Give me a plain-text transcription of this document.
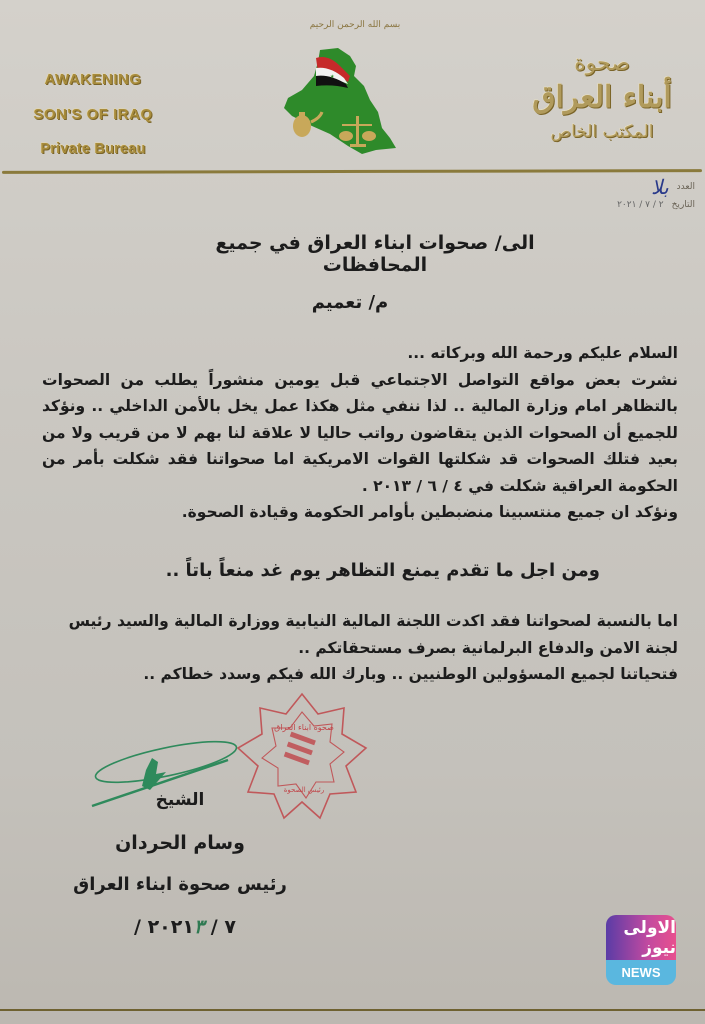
بسم الله الرحمن الرحيم
AWAKENING
SON'S OF IRAQ
Private Bureau
★
صحوة
أبناء العراق
المكتب الخاص
العدد
بلا
التاريخ
٢ / ٧ / ٢٠٢١
الى/ صحوات ابناء العراق في جميع المحافظات
م/ تعميم

السلام عليكم ورحمة الله وبركاته ...

نشرت بعض مواقع التواصل الاجتماعي قبل يومين منشوراً يطلب من الصحوات بالتظاهر امام وزارة المالية .. لذا ننفي مثل هكذا عمل يخل بالأمن الداخلي .. ونؤكد للجميع أن الصحوات الذين يتقاضون رواتب حاليا لا علاقة لنا بهم لا من قريب ولا من بعيد فتلك الصحوات قد شكلتها القوات الامريكية اما صحواتنا فقد شكلت بأمر من الحكومة العراقية شكلت في ٤ / ٦ / ٢٠١٣ .

ونؤكد ان جميع منتسبينا منضبطين بأوامر الحكومة وقيادة الصحوة.

ومن اجل ما تقدم يمنع التظاهر يوم غد منعاً باتاً ..

اما بالنسبة لصحواتنا فقد اكدت اللجنة المالية النيابية ووزارة المالية والسيد رئيس لجنة الامن والدفاع البرلمانية بصرف مستحقاتكم ..

فتحياتنا لجميع المسؤولين الوطنيين .. وبارك الله فيكم وسدد خطاكم ..

صحوة ابناء العراق
رئيس الصحوة
الشيخ
وسام الحردان
رئيس صحوة ابناء العراق
/ ٧ / ٢٠٢١٣	الاولى نيوز
NEWS
